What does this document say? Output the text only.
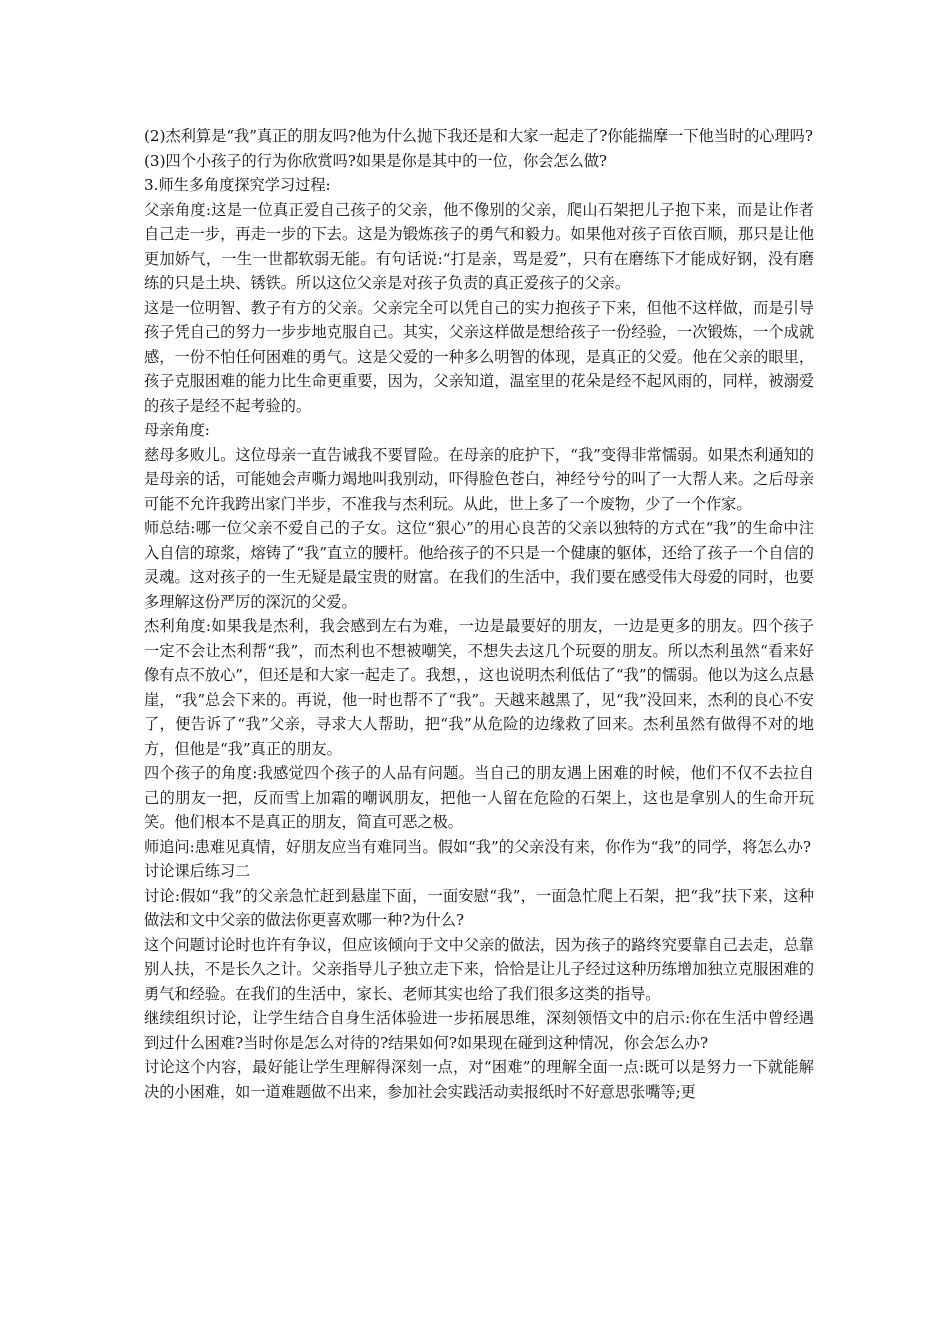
(2)杰利算是“我”真正的朋友吗?他为什么抛下我还是和大家一起走了?你能揣摩一下他当时的心理吗?

(3)四个小孩子的行为你欣赏吗?如果是你是其中的一位，你会怎么做?

3.师生多角度探究学习过程:

父亲角度:这是一位真正爱自己孩子的父亲，他不像别的父亲，爬山石架把儿子抱下来，而是让作者自己走一步，再走一步的下去。这是为锻炼孩子的勇气和毅力。如果他对孩子百依百顺，那只是让他更加娇气，一生一世都软弱无能。有句话说:“打是亲，骂是爱”，只有在磨练下才能成好钢，没有磨练的只是土块、锈铁。所以这位父亲是对孩子负责的真正爱孩子的父亲。

这是一位明智、教子有方的父亲。父亲完全可以凭自己的实力抱孩子下来，但他不这样做，而是引导孩子凭自己的努力一步步地克服自己。其实，父亲这样做是想给孩子一份经验，一次锻炼，一个成就感，一份不怕任何困难的勇气。这是父爱的一种多么明智的体现，是真正的父爱。他在父亲的眼里，孩子克服困难的能力比生命更重要，因为，父亲知道，温室里的花朵是经不起风雨的，同样，被溺爱的孩子是经不起考验的。

母亲角度:

慈母多败儿。这位母亲一直告诫我不要冒险。在母亲的庇护下，“我”变得非常懦弱。如果杰利通知的是母亲的话，可能她会声嘶力竭地叫我别动，吓得脸色苍白，神经兮兮的叫了一大帮人来。之后母亲可能不允许我跨出家门半步，不准我与杰利玩。从此，世上多了一个废物，少了一个作家。

师总结:哪一位父亲不爱自己的子女。这位“狠心”的用心良苦的父亲以独特的方式在“我”的生命中注入自信的琼浆，熔铸了“我”直立的腰杆。他给孩子的不只是一个健康的躯体，还给了孩子一个自信的灵魂。这对孩子的一生无疑是最宝贵的财富。在我们的生活中，我们要在感受伟大母爱的同时，也要多理解这份严厉的深沉的父爱。

杰利角度:如果我是杰利，我会感到左右为难，一边是最要好的朋友，一边是更多的朋友。四个孩子一定不会让杰利帮“我”，而杰利也不想被嘲笑，不想失去这几个玩耍的朋友。所以杰利虽然“看来好像有点不放心”，但还是和大家一起走了。我想，，这也说明杰利低估了“我”的懦弱。他以为这么点悬崖，“我”总会下来的。再说，他一时也帮不了“我”。天越来越黑了，见“我”没回来，杰利的良心不安了，便告诉了“我”父亲，寻求大人帮助，把“我”从危险的边缘救了回来。杰利虽然有做得不对的地方，但他是“我”真正的朋友。

四个孩子的角度:我感觉四个孩子的人品有问题。当自己的朋友遇上困难的时候，他们不仅不去拉自己的朋友一把，反而雪上加霜的嘲讽朋友，把他一人留在危险的石架上，这也是拿别人的生命开玩笑。他们根本不是真正的朋友，简直可恶之极。

师追问:患难见真情，好朋友应当有难同当。假如“我”的父亲没有来，你作为“我”的同学，将怎么办?

讨论课后练习二

讨论:假如“我”的父亲急忙赶到悬崖下面，一面安慰“我”，一面急忙爬上石架，把“我”扶下来，这种做法和文中父亲的做法你更喜欢哪一种?为什么?

这个问题讨论时也许有争议，但应该倾向于文中父亲的做法，因为孩子的路终究要靠自己去走，总靠别人扶，不是长久之计。父亲指导儿子独立走下来，恰恰是让儿子经过这种历练增加独立克服困难的勇气和经验。在我们的生活中，家长、老师其实也给了我们很多这类的指导。

继续组织讨论，让学生结合自身生活体验进一步拓展思维，深刻领悟文中的启示:你在生活中曾经遇到过什么困难?当时你是怎么对待的?结果如何?如果现在碰到这种情况，你会怎么办?

讨论这个内容，最好能让学生理解得深刻一点，对“困难”的理解全面一点:既可以是努力一下就能解决的小困难，如一道难题做不出来，参加社会实践活动卖报纸时不好意思张嘴等;更
